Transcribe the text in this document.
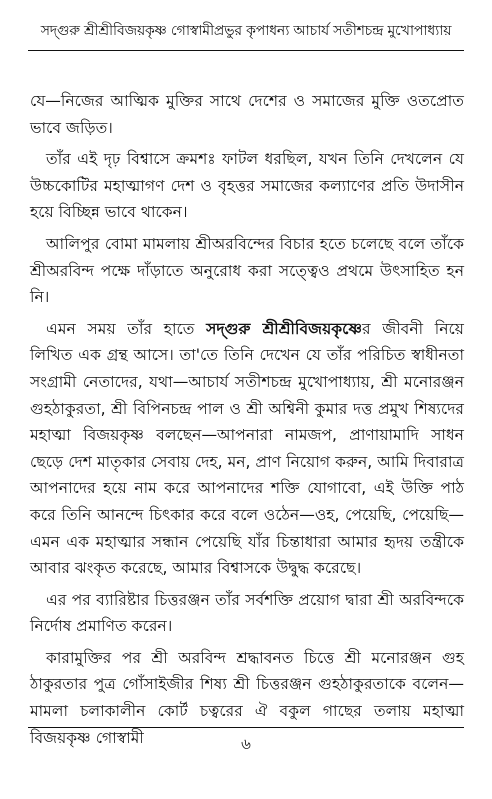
সদ্গুরু শ্রীশ্রীবিজয়কৃষ্ণ গোস্বামীপ্রভুর কৃপাধন্য আচার্য সতীশচন্দ্র মুখোপাধ্যায়

যে—নিজের আত্মিক মুক্তির সাথে দেশের ও সমাজের মুক্তি ওতপ্রোত ভাবে জড়িত।

তাঁর এই দৃঢ় বিশ্বাসে ক্রমশঃ ফাটল ধরছিল, যখন তিনি দেখলেন যে উচ্চকোটির মহাত্মাগণ দেশ ও বৃহত্তর সমাজের কল্যাণের প্রতি উদাসীন হয়ে বিচ্ছিন্ন ভাবে থাকেন।

আলিপুর বোমা মামলায় শ্রীঅরবিন্দের বিচার হতে চলেছে বলে তাঁকে শ্রীঅরবিন্দ পক্ষে দাঁড়াতে অনুরোধ করা সত্ত্বেও প্রথমে উৎসাহিত হন নি।

এমন সময় তাঁর হাতে সদ্গুরু শ্রীশ্রীবিজয়কৃষ্ণের জীবনী নিয়ে লিখিত এক গ্রন্থ আসে। তা'তে তিনি দেখেন যে তাঁর পরিচিত স্বাধীনতা সংগ্রামী নেতাদের, যথা—আচার্য সতীশচন্দ্র মুখোপাধ্যায়, শ্রী মনোরঞ্জন গুহঠাকুরতা, শ্রী বিপিনচন্দ্র পাল ও শ্রী অশ্বিনী কুমার দত্ত প্রমুখ শিষ্যদের মহাত্মা বিজয়কৃষ্ণ বলছেন—আপনারা নামজপ, প্রাণায়ামাদি সাধন ছেড়ে দেশ মাতৃকার সেবায় দেহ, মন, প্রাণ নিয়োগ করুন, আমি দিবারাত্র আপনাদের হয়ে নাম করে আপনাদের শক্তি যোগাবো, এই উক্তি পাঠ করে তিনি আনন্দে চিৎকার করে বলে ওঠেন—ওহ, পেয়েছি, পেয়েছি—এমন এক মহাত্মার সন্ধান পেয়েছি যাঁর চিন্তাধারা আমার হৃদয় তন্ত্রীকে আবার ঝংকৃত করেছে, আমার বিশ্বাসকে উদ্বুদ্ধ করেছে।

এর পর ব্যারিষ্টার চিত্তরঞ্জন তাঁর সর্বশক্তি প্রয়োগ দ্বারা শ্রী অরবিন্দকে নির্দোষ প্রমাণিত করেন।

কারামুক্তির পর শ্রী অরবিন্দ শ্রদ্ধাবনত চিত্তে শ্রী মনোরঞ্জন গুহ ঠাকুরতার পুত্র গোঁসাইজীর শিষ্য শ্রী চিত্তরঞ্জন গুহঠাকুরতাকে বলেন—মামলা চলাকালীন কোর্ট চত্বরের ঐ বকুল গাছের তলায় মহাত্মা বিজয়কৃষ্ণ গোস্বামী	৬
